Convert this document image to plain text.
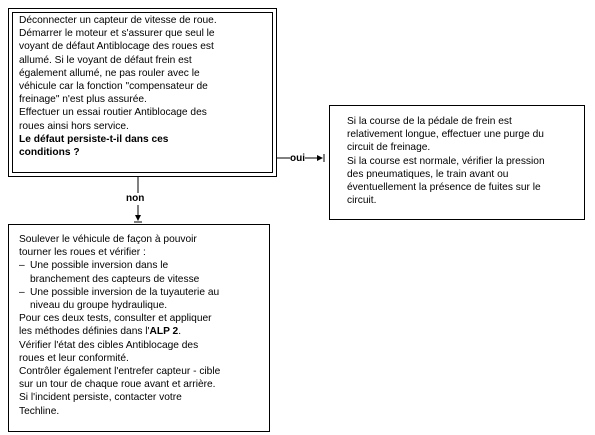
Déconnecter un capteur de vitesse de roue.
Démarrer le moteur et s'assurer que seul le
voyant de défaut Antiblocage des roues est
allumé. Si le voyant de défaut frein est
également allumé, ne pas rouler avec le
véhicule car la fonction "compensateur de
freinage" n'est plus assurée.
Effectuer un essai routier Antiblocage des
roues ainsi hors service.
Le défaut persiste-t-il dans ces
conditions ?
oui
non
Si la course de la pédale de frein est
relativement longue, effectuer une purge du
circuit de freinage.
Si la course est normale, vérifier la pression
des pneumatiques, le train avant ou
éventuellement la présence de fuites sur le
circuit.
Soulever le véhicule de façon à pouvoir
tourner les roues et vérifier :
– Une possible inversion dans le
branchement des capteurs de vitesse
– Une possible inversion de la tuyauterie au
niveau du groupe hydraulique.
Pour ces deux tests, consulter et appliquer
les méthodes définies dans l'ALP 2.
Vérifier l'état des cibles Antiblocage des
roues et leur conformité.
Contrôler également l'entrefer capteur - cible
sur un tour de chaque roue avant et arrière.
Si l'incident persiste, contacter votre
Techline.
